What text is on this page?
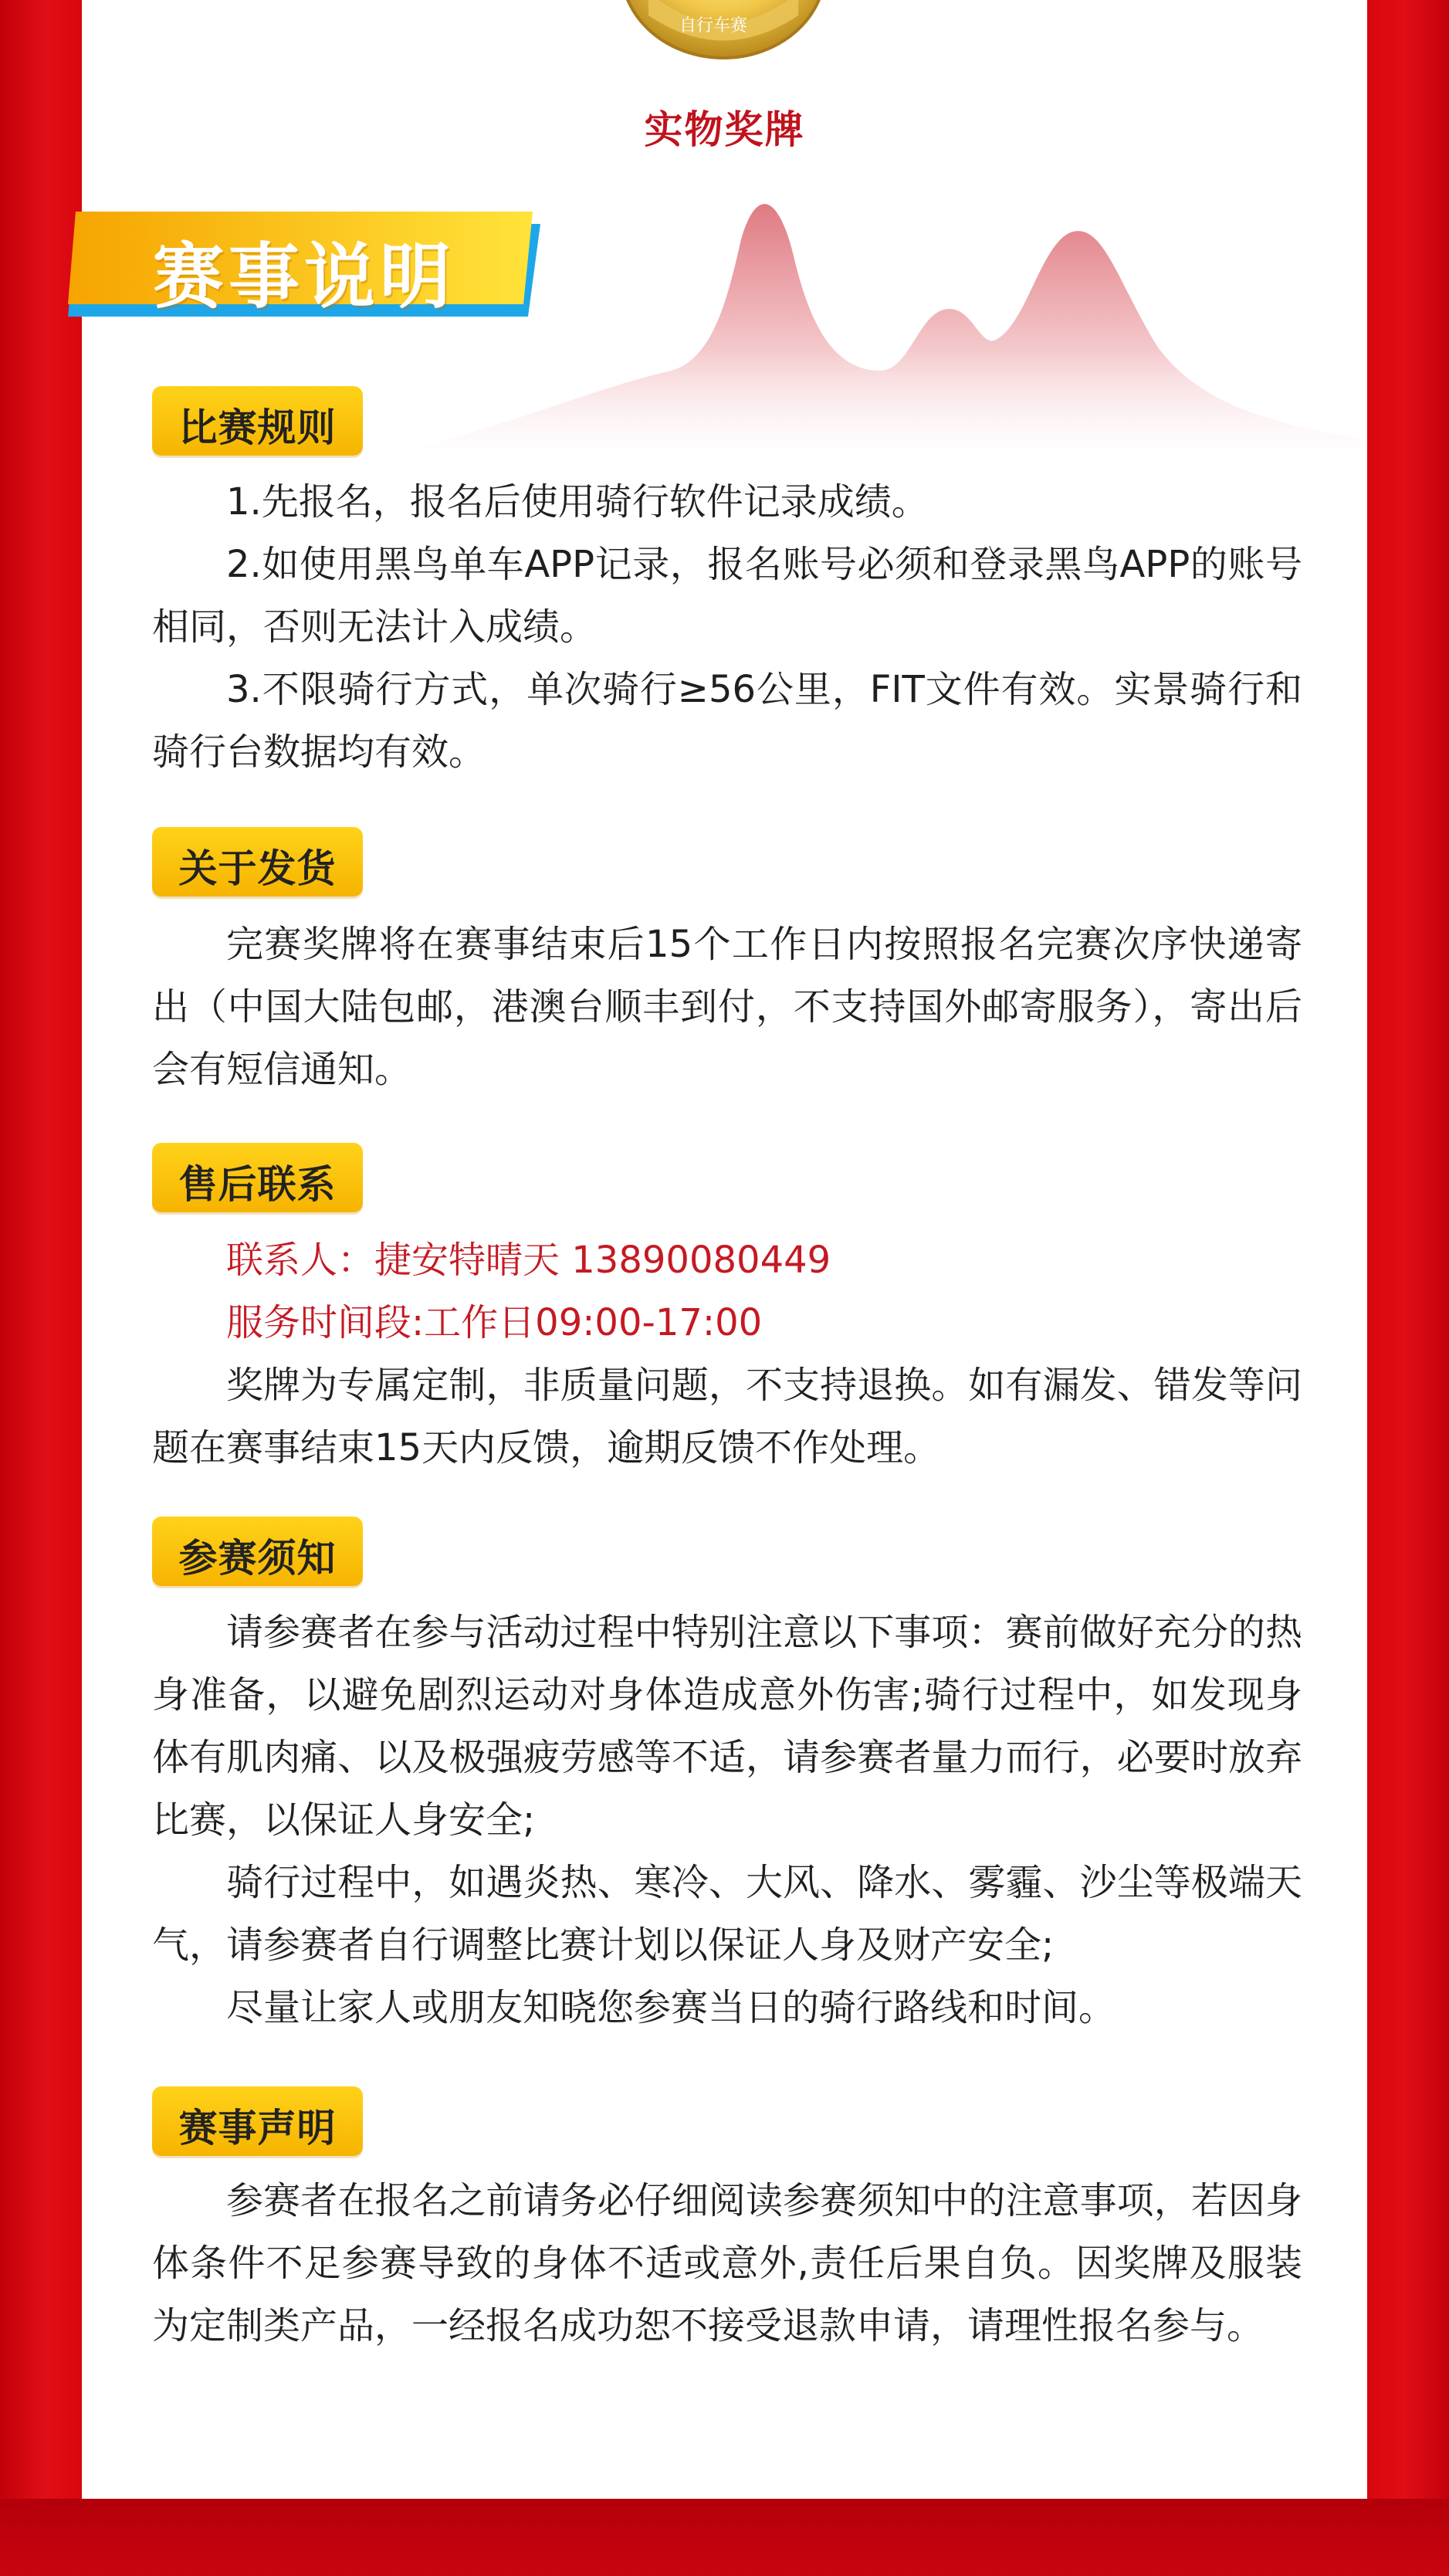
自行车赛
实物奖牌
赛事说明
比赛规则

1.先报名，报名后使用骑行软件记录成绩。

2.如使用黑鸟单车APP记录，报名账号必须和登录黑鸟APP的账号相同，否则无法计入成绩。

3.不限骑行方式，单次骑行≥56公里，FIT文件有效。实景骑行和骑行台数据均有效。

关于发货

完赛奖牌将在赛事结束后15个工作日内按照报名完赛次序快递寄出（中国大陆包邮，港澳台顺丰到付，不支持国外邮寄服务），寄出后会有短信通知。

售后联系

联系人：捷安特晴天 13890080449

服务时间段:工作日09:00-17:00

奖牌为专属定制，非质量问题，不支持退换。如有漏发、错发等问题在赛事结束15天内反馈，逾期反馈不作处理。

参赛须知

请参赛者在参与活动过程中特别注意以下事项：赛前做好充分的热身准备，以避免剧烈运动对身体造成意外伤害;骑行过程中，如发现身体有肌肉痛、以及极强疲劳感等不适，请参赛者量力而行，必要时放弃比赛，以保证人身安全;

骑行过程中，如遇炎热、寒冷、大风、降水、雾霾、沙尘等极端天气，请参赛者自行调整比赛计划以保证人身及财产安全;

尽量让家人或朋友知晓您参赛当日的骑行路线和时间。

赛事声明

参赛者在报名之前请务必仔细阅读参赛须知中的注意事项，若因身体条件不足参赛导致的身体不适或意外,责任后果自负。因奖牌及服装为定制类产品，一经报名成功恕不接受退款申请，请理性报名参与。
